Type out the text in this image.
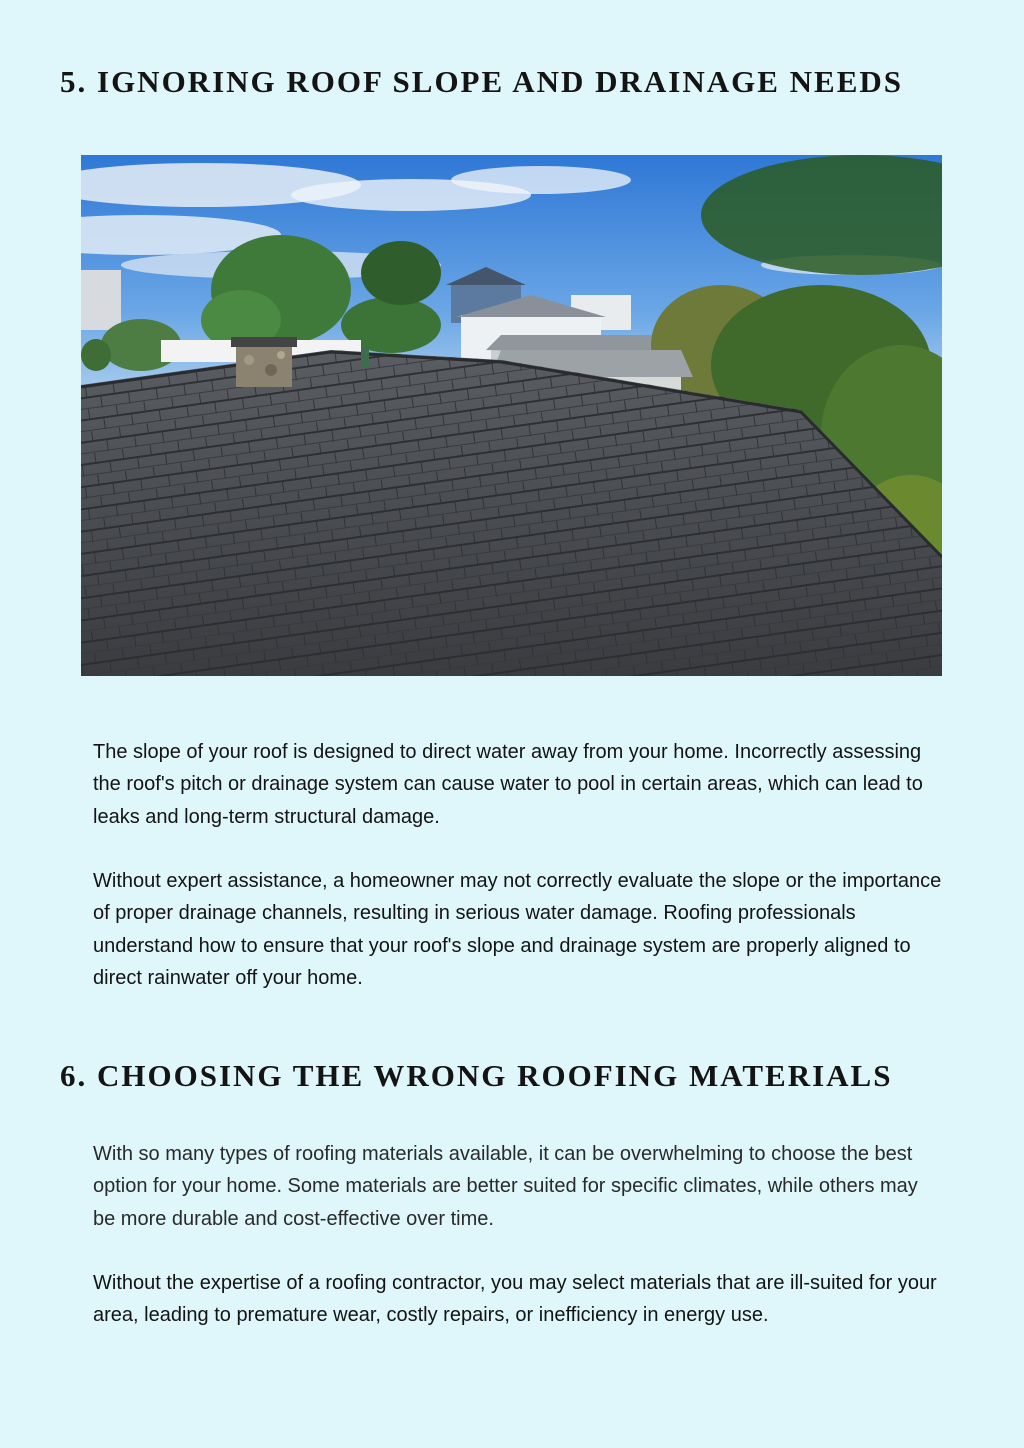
5. IGNORING ROOF SLOPE AND DRAINAGE NEEDS

The slope of your roof is designed to direct water away from your home. Incorrectly assessing the roof's pitch or drainage system can cause water to pool in certain areas, which can lead to leaks and long-term structural damage.

Without expert assistance, a homeowner may not correctly evaluate the slope or the importance of proper drainage channels, resulting in serious water damage. Roofing professionals understand how to ensure that your roof's slope and drainage system are properly aligned to direct rainwater off your home.

6. CHOOSING THE WRONG ROOFING MATERIALS

With so many types of roofing materials available, it can be overwhelming to choose the best option for your home. Some materials are better suited for specific climates, while others may be more durable and cost-effective over time.

Without the expertise of a roofing contractor, you may select materials that are ill-suited for your area, leading to premature wear, costly repairs, or inefficiency in energy use.
